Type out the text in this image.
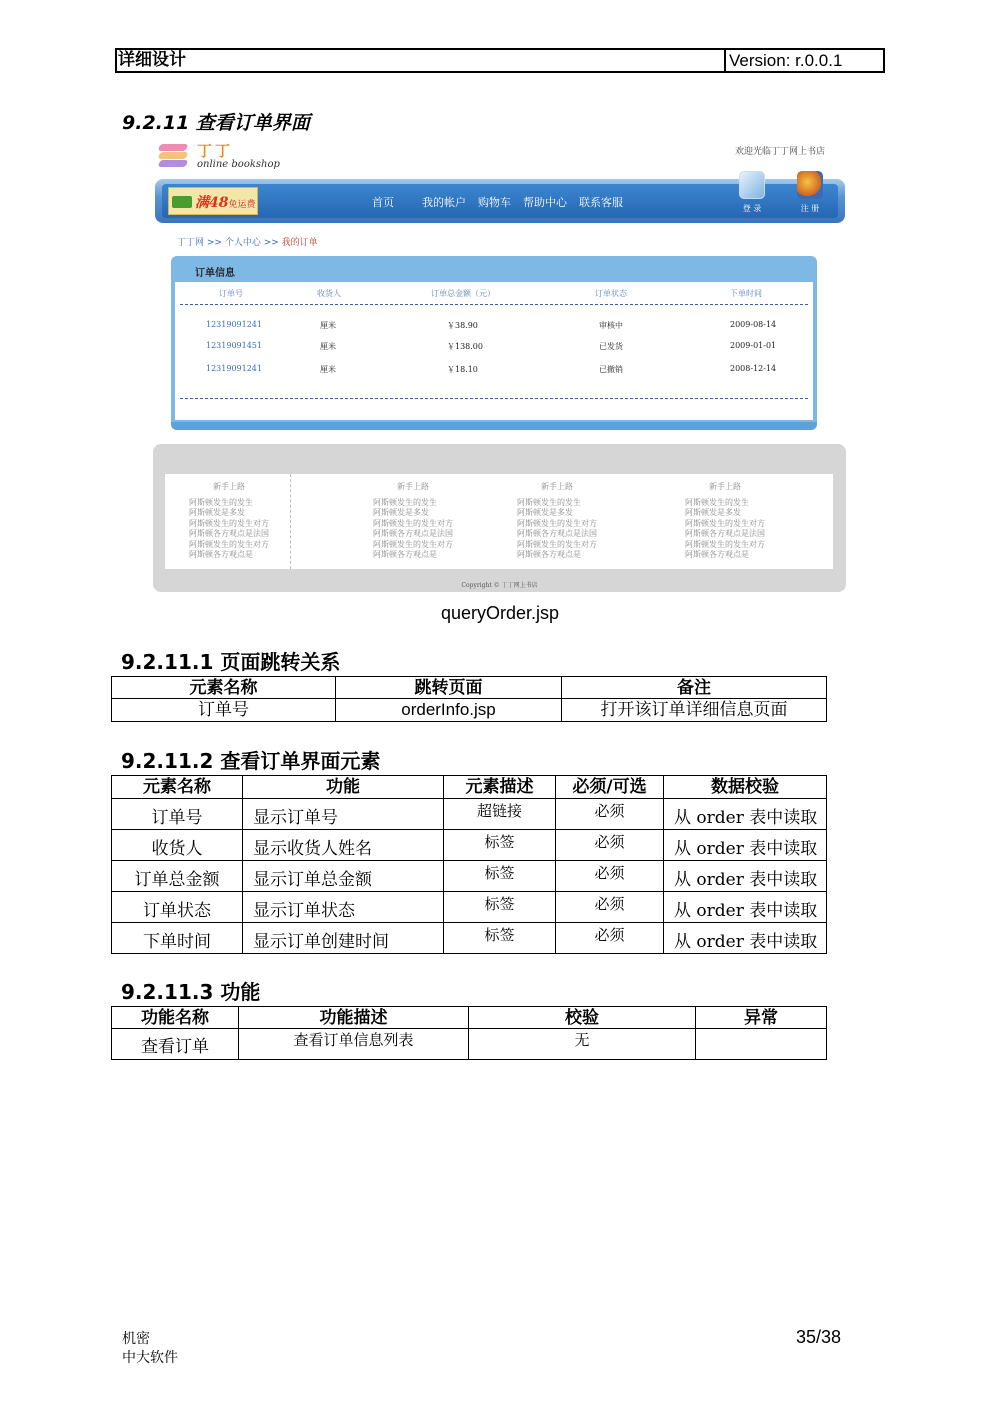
详细设计	Version: r.0.0.1
9.2.11 查看订单界面
丁丁
online bookshop
欢迎光临丁丁网上书店
满48免运费	首页	我的帐户 购物车 帮助中心 联系客服	登 录	注 册
丁丁网 >> 个人中心 >> 我的订单
订单信息
订单号	收货人	订单总金额（元）	订单状态	下单时间
12319091241	厘米	￥38.90	审核中	2009-08-14
12319091451	厘米	￥138.00	已发货	2009-01-01
12319091241	厘米	￥18.10	已撤销	2008-12-14
新手上路
阿斯顿发生的发生
阿斯顿发是多发
阿斯顿发生的发生对方
阿斯顿各方观点是法国
阿斯顿发生的发生对方
阿斯顿各方观点是
新手上路
阿斯顿发生的发生
阿斯顿发是多发
阿斯顿发生的发生对方
阿斯顿各方观点是法国
阿斯顿发生的发生对方
阿斯顿各方观点是
新手上路
阿斯顿发生的发生
阿斯顿发是多发
阿斯顿发生的发生对方
阿斯顿各方观点是法国
阿斯顿发生的发生对方
阿斯顿各方观点是
新手上路
阿斯顿发生的发生
阿斯顿发是多发
阿斯顿发生的发生对方
阿斯顿各方观点是法国
阿斯顿发生的发生对方
阿斯顿各方观点是
Copyright © 丁丁网上书店
queryOrder.jsp
9.2.11.1 页面跳转关系
元素名称	跳转页面	备注
订单号	orderInfo.jsp	打开该订单详细信息页面
9.2.11.2 查看订单界面元素
元素名称	功能	元素描述	必须/可选	数据校验
订单号	显示订单号	超链接	必须	从 order 表中读取
收货人	显示收货人姓名	标签	必须	从 order 表中读取
订单总金额	显示订单总金额	标签	必须	从 order 表中读取
订单状态	显示订单状态	标签	必须	从 order 表中读取
下单时间	显示订单创建时间	标签	必须	从 order 表中读取
9.2.11.3 功能
功能名称	功能描述	校验	异常
查看订单	查看订单信息列表	无	
机密
中大软件
35/38
